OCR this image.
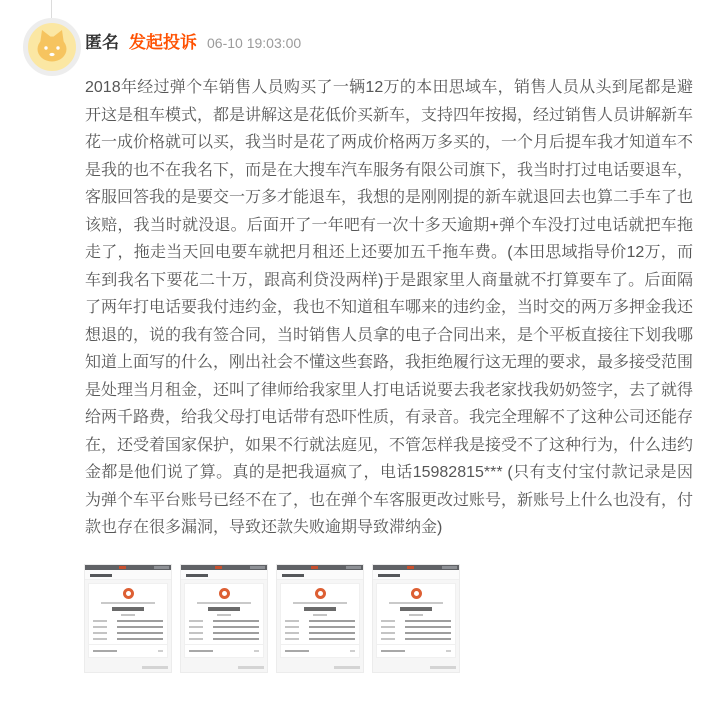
匿名 发起投诉 06-10 19:03:00
2018年经过弹个车销售人员购买了一辆12万的本田思域车，销售人员从头到尾都是避开这是租车模式，都是讲解这是花低价买新车，支持四年按揭，经过销售人员讲解新车花一成价格就可以买，我当时是花了两成价格两万多买的，一个月后提车我才知道车不是我的也不在我名下，而是在大搜车汽车服务有限公司旗下，我当时打过电话要退车，客服回答我的是要交一万多才能退车，我想的是刚刚提的新车就退回去也算二手车了也该赔，我当时就没退。后面开了一年吧有一次十多天逾期+弹个车没打过电话就把车拖走了，拖走当天回电要车就把月租还上还要加五千拖车费。(本田思域指导价12万，而车到我名下要花二十万，跟高利贷没两样)于是跟家里人商量就不打算要车了。后面隔了两年打电话要我付违约金，我也不知道租车哪来的违约金，当时交的两万多押金我还想退的，说的我有签合同，当时销售人员拿的电子合同出来，是个平板直接往下划我哪知道上面写的什么，刚出社会不懂这些套路，我拒绝履行这无理的要求，最多接受范围是处理当月租金，还叫了律师给我家里人打电话说要去我老家找我奶奶签字，去了就得给两千路费，给我父母打电话带有恐吓性质，有录音。我完全理解不了这种公司还能存在，还受着国家保护，如果不行就法庭见，不管怎样我是接受不了这种行为，什么违约金都是他们说了算。真的是把我逼疯了，电话15982815*** (只有支付宝付款记录是因为弹个车平台账号已经不在了，也在弹个车客服更改过账号，新账号上什么也没有，付款也存在很多漏洞，导致还款失败逾期导致滞纳金)
